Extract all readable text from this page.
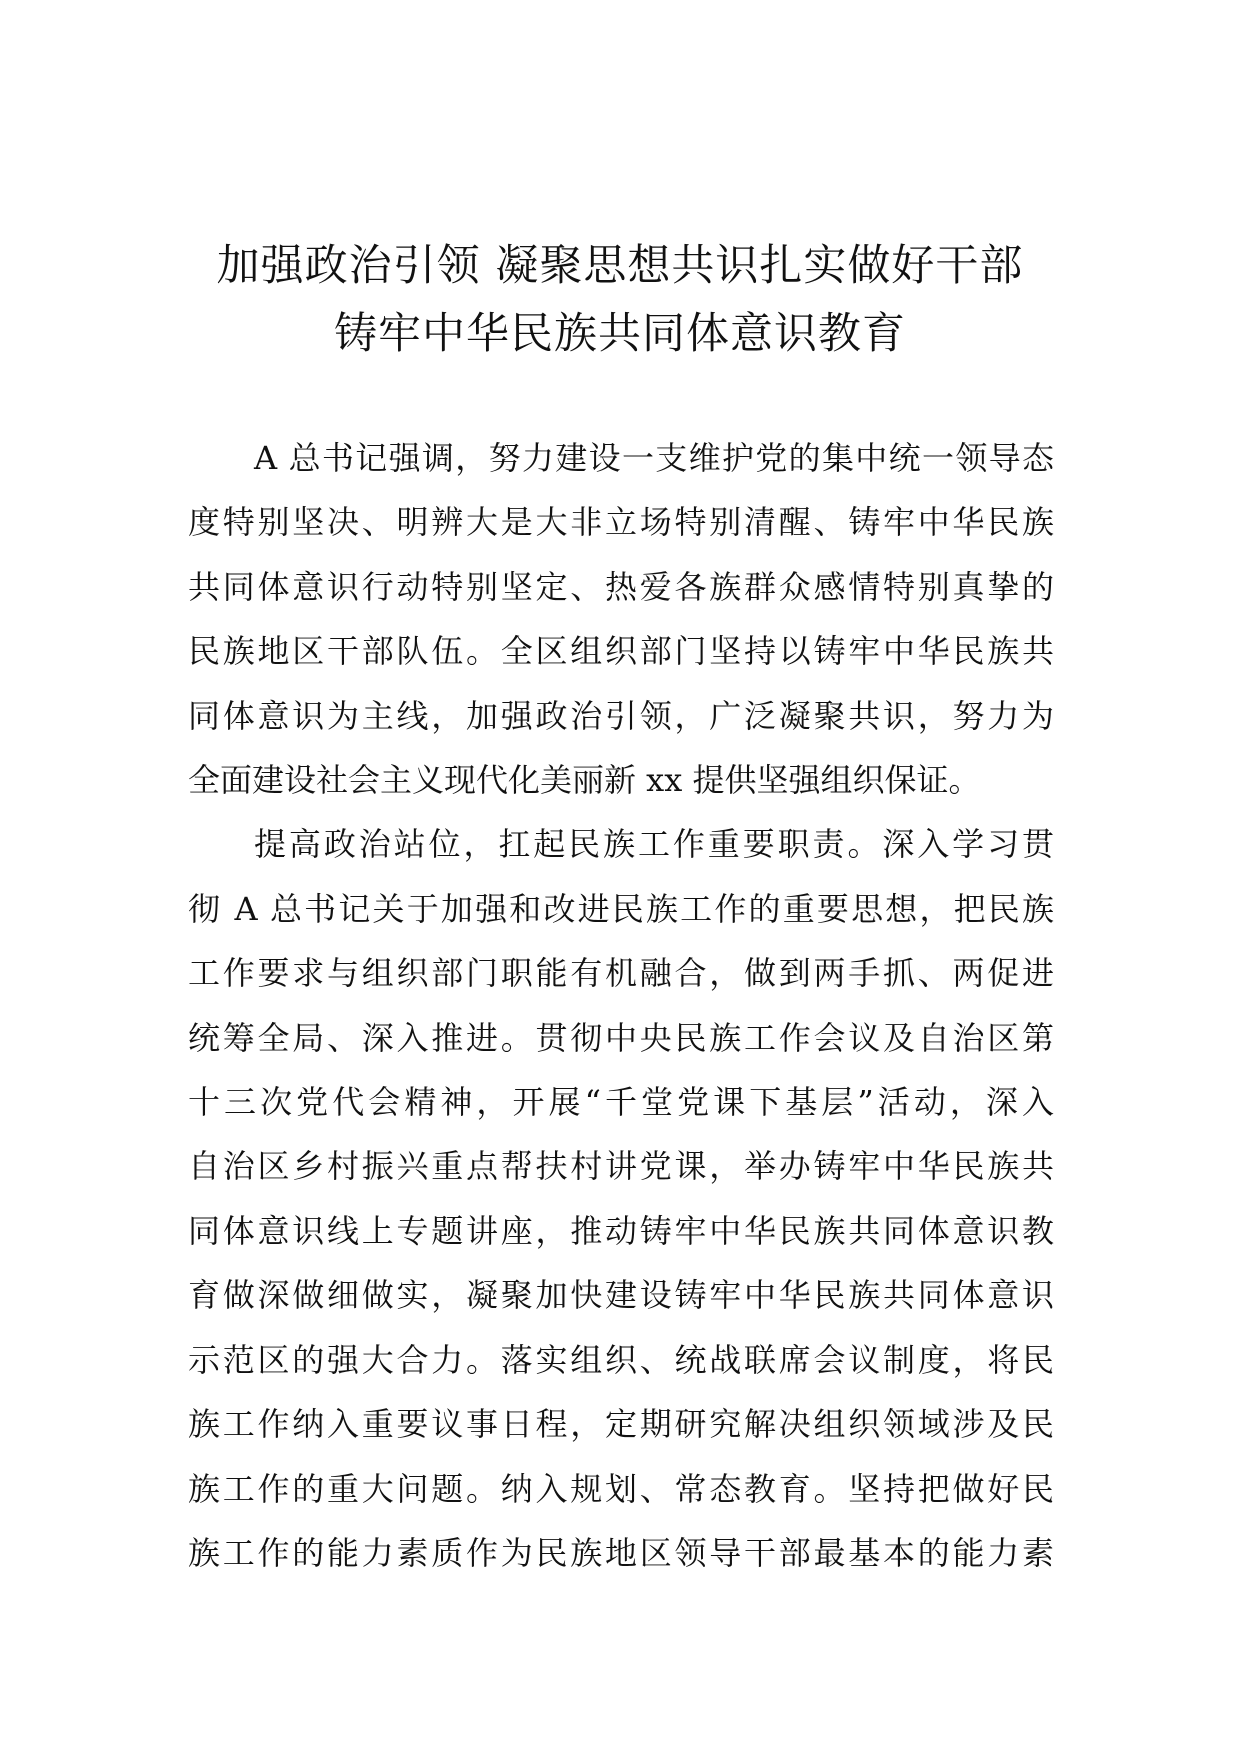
加强政治引领 凝聚思想共识扎实做好干部
铸牢中华民族共同体意识教育

A 总书记强调，努力建设一支维护党的集中统一领导态
度特别坚决、明辨大是大非立场特别清醒、铸牢中华民族
共同体意识行动特别坚定、热爱各族群众感情特别真挚的
民族地区干部队伍。全区组织部门坚持以铸牢中华民族共
同体意识为主线，加强政治引领，广泛凝聚共识，努力为
全面建设社会主义现代化美丽新 xx 提供坚强组织保证。

提高政治站位，扛起民族工作重要职责。深入学习贯
彻 A 总书记关于加强和改进民族工作的重要思想，把民族
工作要求与组织部门职能有机融合，做到两手抓、两促进
统筹全局、深入推进。贯彻中央民族工作会议及自治区第
十三次党代会精神，开展“千堂党课下基层”活动，深入
自治区乡村振兴重点帮扶村讲党课，举办铸牢中华民族共
同体意识线上专题讲座，推动铸牢中华民族共同体意识教
育做深做细做实，凝聚加快建设铸牢中华民族共同体意识
示范区的强大合力。落实组织、统战联席会议制度，将民
族工作纳入重要议事日程，定期研究解决组织领域涉及民
族工作的重大问题。纳入规划、常态教育。坚持把做好民
族工作的能力素质作为民族地区领导干部最基本的能力素
